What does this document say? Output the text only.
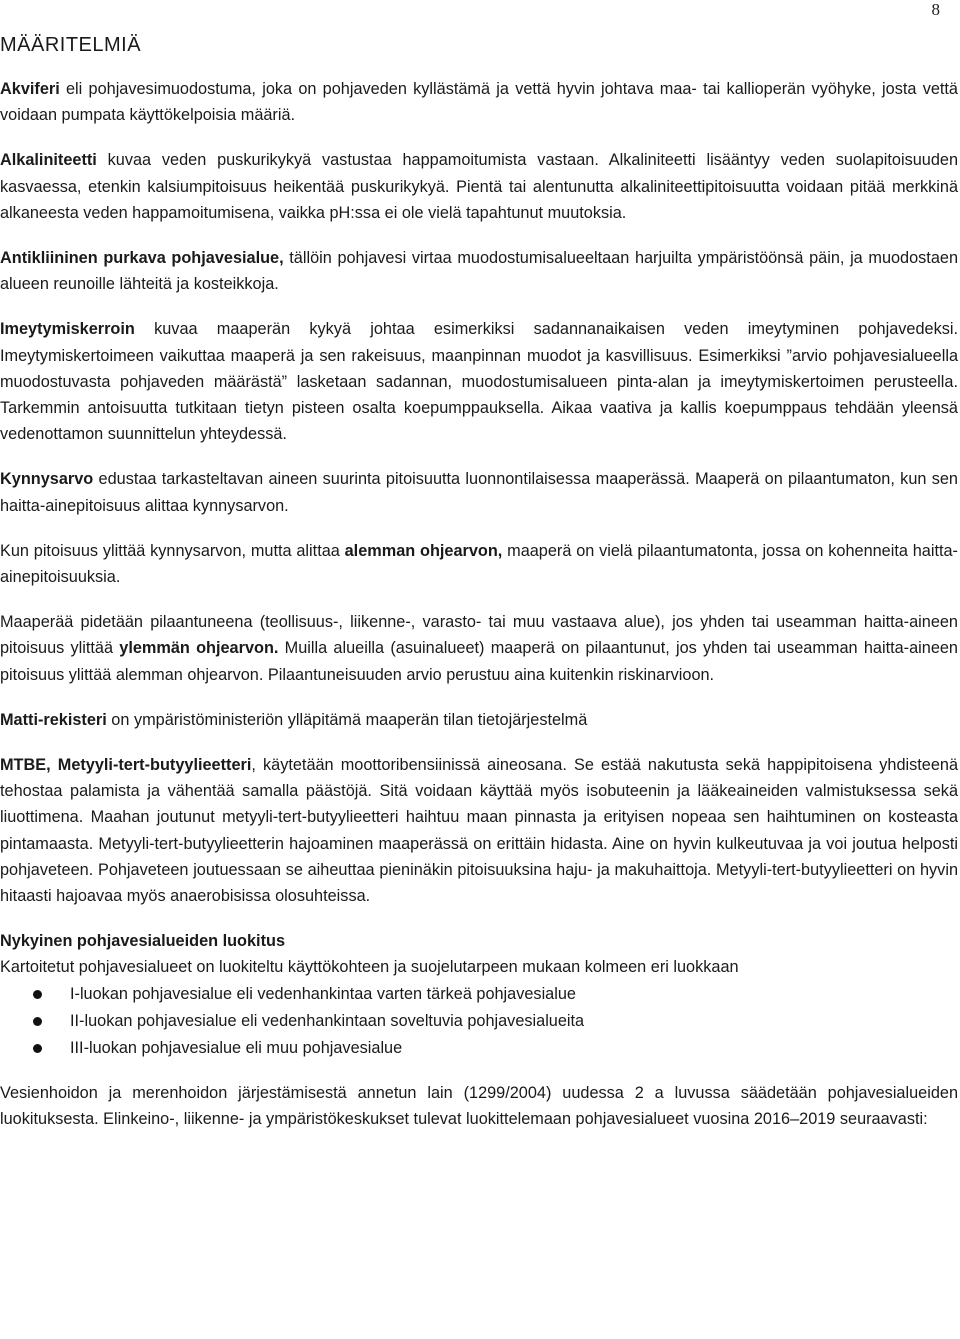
8
MÄÄRITELMIÄ

Akviferi eli pohjavesimuodostuma, joka on pohjaveden kyllästämä ja vettä hyvin johtava maa- tai kallioperän vyöhyke, josta vettä voidaan pumpata käyttökelpoisia määriä.

Alkaliniteetti kuvaa veden puskurikykyä vastustaa happamoitumista vastaan. Alkaliniteetti lisääntyy veden suolapitoisuuden kasvaessa, etenkin kalsiumpitoisuus heikentää puskurikykyä. Pientä tai alentunutta alkaliniteettipitoisuutta voidaan pitää merkkinä alkaneesta veden happamoitumisena, vaikka pH:ssa ei ole vielä tapahtunut muutoksia.

Antikliininen purkava pohjavesialue, tällöin pohjavesi virtaa muodostumisalueeltaan harjuilta ympäristöönsä päin, ja muodostaen alueen reunoille lähteitä ja kosteikkoja.

Imeytymiskerroin kuvaa maaperän kykyä johtaa esimerkiksi sadannanaikaisen veden imeytyminen pohjavedeksi. Imeytymiskertoimeen vaikuttaa maaperä ja sen rakeisuus, maanpinnan muodot ja kasvillisuus. Esimerkiksi ”arvio pohjavesialueella muodostuvasta pohjaveden määrästä” lasketaan sadannan, muodostumisalueen pinta-alan ja imeytymiskertoimen perusteella. Tarkemmin antoisuutta tutkitaan tietyn pisteen osalta koepumppauksella. Aikaa vaativa ja kallis koepumppaus tehdään yleensä vedenottamon suunnittelun yhteydessä.

Kynnysarvo edustaa tarkasteltavan aineen suurinta pitoisuutta luonnontilaisessa maaperässä. Maaperä on pilaantumaton, kun sen haitta-ainepitoisuus alittaa kynnysarvon.

Kun pitoisuus ylittää kynnysarvon, mutta alittaa alemman ohjearvon, maaperä on vielä pilaantumatonta, jossa on kohenneita haitta-ainepitoisuuksia.

Maaperää pidetään pilaantuneena (teollisuus-, liikenne-, varasto- tai muu vastaava alue), jos yhden tai useamman haitta-aineen pitoisuus ylittää ylemmän ohjearvon. Muilla alueilla (asuinalueet) maaperä on pilaantunut, jos yhden tai useamman haitta-aineen pitoisuus ylittää alemman ohjearvon. Pilaantuneisuuden arvio perustuu aina kuitenkin riskinarvioon.

Matti-rekisteri on ympäristöministeriön ylläpitämä maaperän tilan tietojärjestelmä

MTBE, Metyyli-tert-butyylieetteri, käytetään moottoribensiinissä aineosana. Se estää nakutusta sekä happipitoisena yhdisteenä tehostaa palamista ja vähentää samalla päästöjä. Sitä voidaan käyttää myös isobuteenin ja lääkeaineiden valmistuksessa sekä liuottimena. Maahan joutunut metyyli-tert-butyylieetteri haihtuu maan pinnasta ja erityisen nopeaa sen haihtuminen on kosteasta pintamaasta. Metyyli-tert-butyylieetterin hajoaminen maaperässä on erittäin hidasta. Aine on hyvin kulkeutuvaa ja voi joutua helposti pohjaveteen. Pohjaveteen joutuessaan se aiheuttaa pieninäkin pitoisuuksina haju- ja makuhaittoja. Metyyli-tert-butyylieetteri on hyvin hitaasti hajoavaa myös anaerobisissa olosuhteissa.

Nykyinen pohjavesialueiden luokitus
Kartoitetut pohjavesialueet on luokiteltu käyttökohteen ja suojelutarpeen mukaan kolmeen eri luokkaan

I-luokan pohjavesialue eli vedenhankintaa varten tärkeä pohjavesialue
II-luokan pohjavesialue eli vedenhankintaan soveltuvia pohjavesialueita
III-luokan pohjavesialue eli muu pohjavesialue

Vesienhoidon ja merenhoidon järjestämisestä annetun lain (1299/2004) uudessa 2 a luvussa säädetään pohjavesialueiden luokituksesta. Elinkeino-, liikenne- ja ympäristökeskukset tulevat luokittelemaan pohjavesialueet vuosina 2016–2019 seuraavasti:
